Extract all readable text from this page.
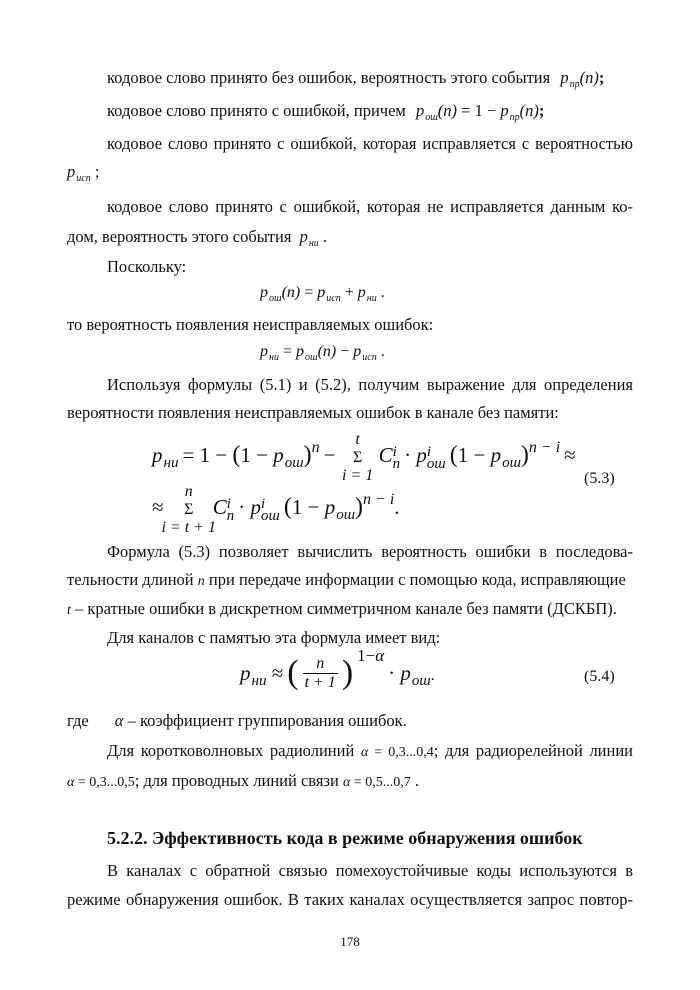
кодовое слово принято без ошибок, вероятность этого события $p_{пр}(n)$;
кодовое слово принято с ошибкой, причем $p_{ош}(n) = 1 - p_{пр}(n)$;
кодовое слово принято с ошибкой, которая исправляется с вероятностью
$p_{исп}$ ;
кодовое слово принято с ошибкой, которая не исправляется данным ко-
дом, вероятность этого события $p_{ни}$ .
Поскольку:
$p_{ош}(n) = p_{исп} + p_{ни}$ .
то вероятность появления неисправляемых ошибок:
$p_{ни} = p_{ош}(n) - p_{исп}$ .
Используя формулы (5.1) и (5.2), получим выражение для определения
вероятности появления неисправляемых ошибок в канале без памяти:
pни = 1 − (1 − pош)n −
t
Σ
i = 1
C i
n · p i
ош (1 − pош)n − i ≈
≈
n
Σ
i = t + 1
C i
n · p i
ош (1 − pош)n − i.
(5.3)
Формула (5.3) позволяет вычислить вероятность ошибки в последова-
тельности длиной n при передаче информации с помощью кода, исправляющие
t – кратные ошибки в дискретном симметричном канале без памяти (ДСКБП).
Для каналов с памятью эта формула имеет вид:
pни ≈ ( $\frac{n}{t + 1}$ ) 1−α · pош.	(5.4)
где α – коэффициент группирования ошибок.
Для коротковолновых радиолиний α = 0,3...0,4; для радиорелейной линии
α = 0,3...0,5; для проводных линий связи α = 0,5...0,7 .
5.2.2. Эффективность кода в режиме обнаружения ошибок
В каналах с обратной связью помехоустойчивые коды используются в
режиме обнаружения ошибок. В таких каналах осуществляется запрос повтор-
178
